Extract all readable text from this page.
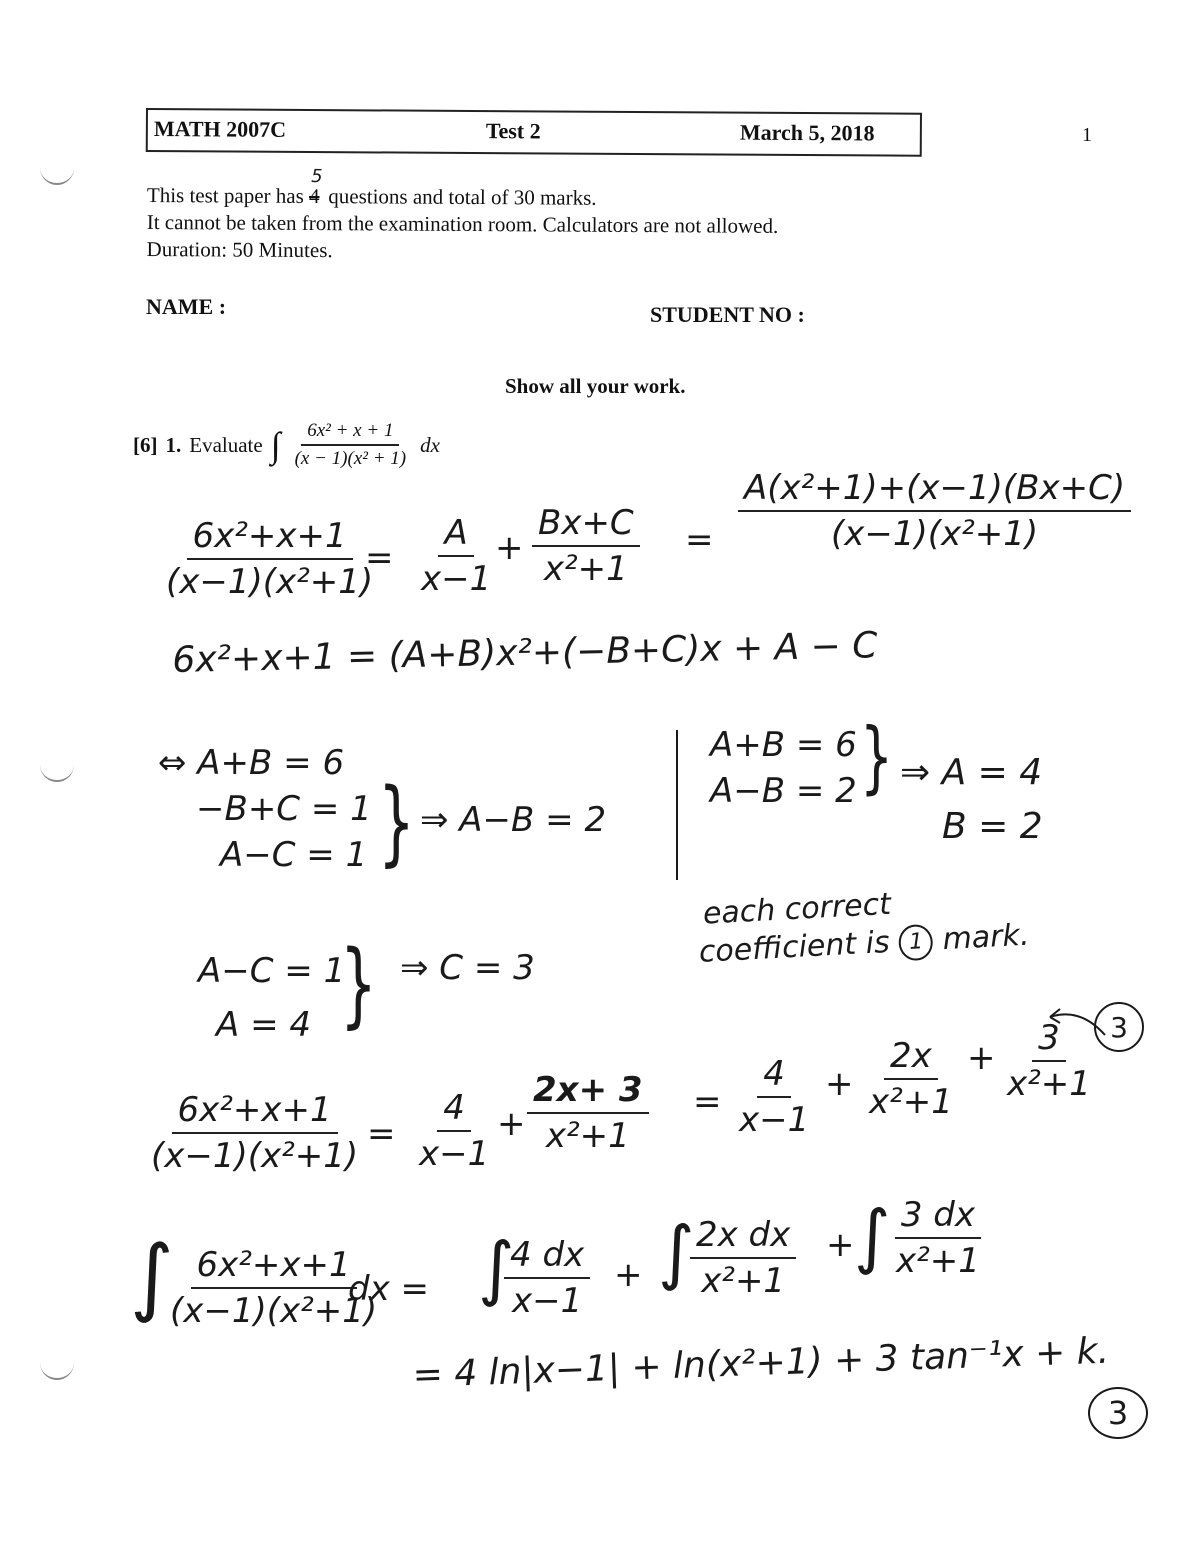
MATH 2007C	Test 2	March 5, 2018	1
This test paper has 4
5
questions and total of 30 marks.
It cannot be taken from the examination room. Calculators are not allowed.
Duration: 50 Minutes.
NAME :	STUDENT NO :
Show all your work.
[6] 1. Evaluate ∫ $\frac{\text{6x² + x + 1}}{\text{(x − 1)(x² + 1)}}$ dx
$\frac{\text{6x²+x+1}}{\text{(x−1)(x²+1)}}$
= $\frac{A}{x-1}$
+ $\frac{Bx+C}{\text{x²+1}} = \frac{\text{A(x²+1)+(x−1)(Bx+C)}}{\text{(x−1)(x²+1)}}$
6x²+x+1 = (A+B)x²+(−B+C)x + A − C
⇔ A+B = 6
−B+C = 1
A−C = 1 } ⇒ A−B = 2
A+B = 6
A−B = 2 } ⇒ A = 4
B = 2
A−C = 1
A = 4 } ⇒ C = 3
each correct
coefficient is 1 mark.
3
$\frac{\text{6x²+x+1}}{\text{(x−1)(x²+1)}} = \frac{4}{x-1} + \frac{2x+ 3}{\text{x²+1}} = \frac{4}{x-1} + \frac{2x}{\text{x²+1}} + \frac{3}{\text{x²+1}}$
∫
$\frac{\text{6x²+x+1}}{\text{(x−1)(x²+1)}}$
dx = ∫
$\frac{4 dx}{x-1}$ + ∫
$\frac{\text{2x dx}}{\text{x²+1}}$ + ∫ $\frac{3 dx}{\text{x²+1}}$
= 4 ln|x−1| + ln(x²+1) + 3 tan⁻¹x + k.
3
